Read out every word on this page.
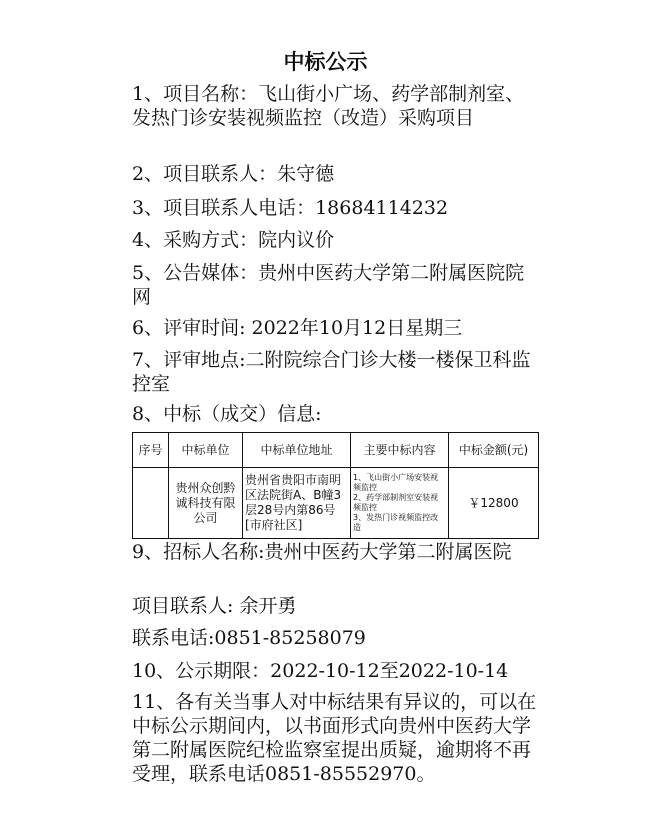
中标公示

1、项目名称：飞山街小广场、药学部制剂室、发热门诊安装视频监控（改造）采购项目

2、项目联系人：朱守德

3、项目联系人电话：18684114232

4、采购方式：院内议价

5、公告媒体：贵州中医药大学第二附属医院院网

6、评审时间: 2022年10月12日星期三

7、评审地点:二附院综合门诊大楼一楼保卫科监控室

8、中标（成交）信息:

序号	中标单位	中标单位地址	主要中标内容	中标金额(元)
	贵州众创黔诚科技有限公司	贵州省贵阳市南明区法院街A、B幢3层28号内第86号[市府社区]	1、飞山街小广场安装视频监控
2、药学部制剂室安装视频监控
3、发热门诊视频监控改造	￥12800

9、招标人名称:贵州中医药大学第二附属医院

项目联系人: 余开勇

联系电话:0851-85258079

10、公示期限：2022-10-12至2022-10-14

11、各有关当事人对中标结果有异议的，可以在中标公示期间内，以书面形式向贵州中医药大学第二附属医院纪检监察室提出质疑，逾期将不再受理，联系电话0851-85552970。
